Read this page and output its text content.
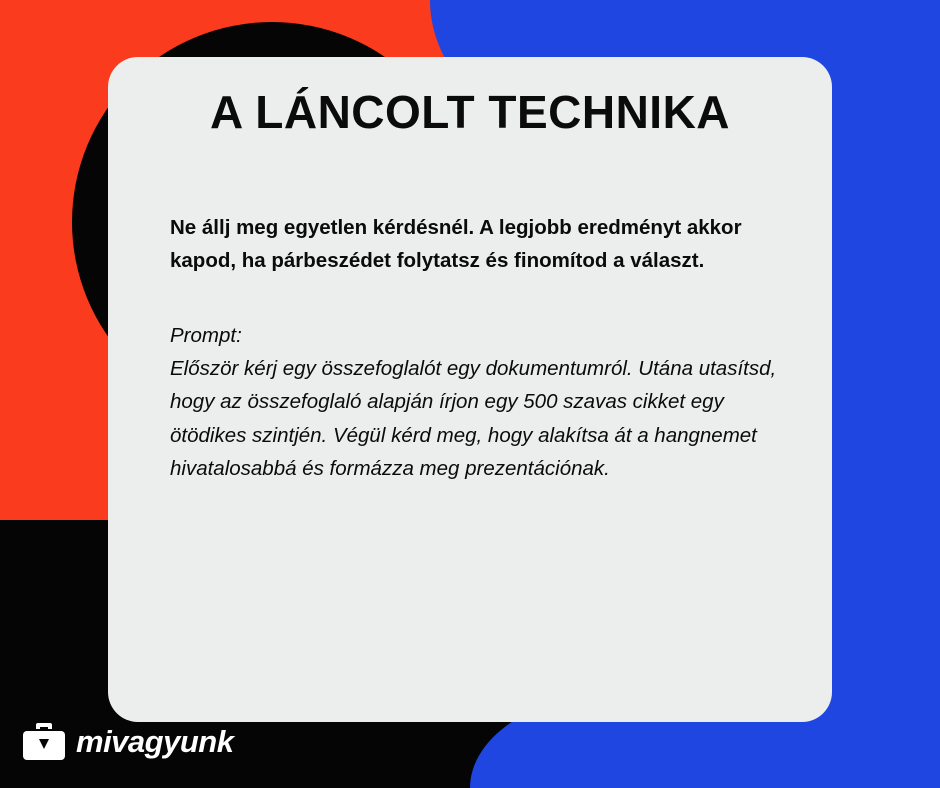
A LÁNCOLT TECHNIKA

Ne állj meg egyetlen kérdésnél. A legjobb eredményt akkor kapod, ha párbeszédet folytatsz és finomítod a választ.

Prompt:
Először kérj egy összefoglalót egy dokumentumról. Utána utasítsd, hogy az összefoglaló alapján írjon egy 500 szavas cikket egy ötödikes szintjén. Végül kérd meg, hogy alakítsa át a hangnemet hivatalosabbá és formázza meg prezentációnak.
mivagyunk
